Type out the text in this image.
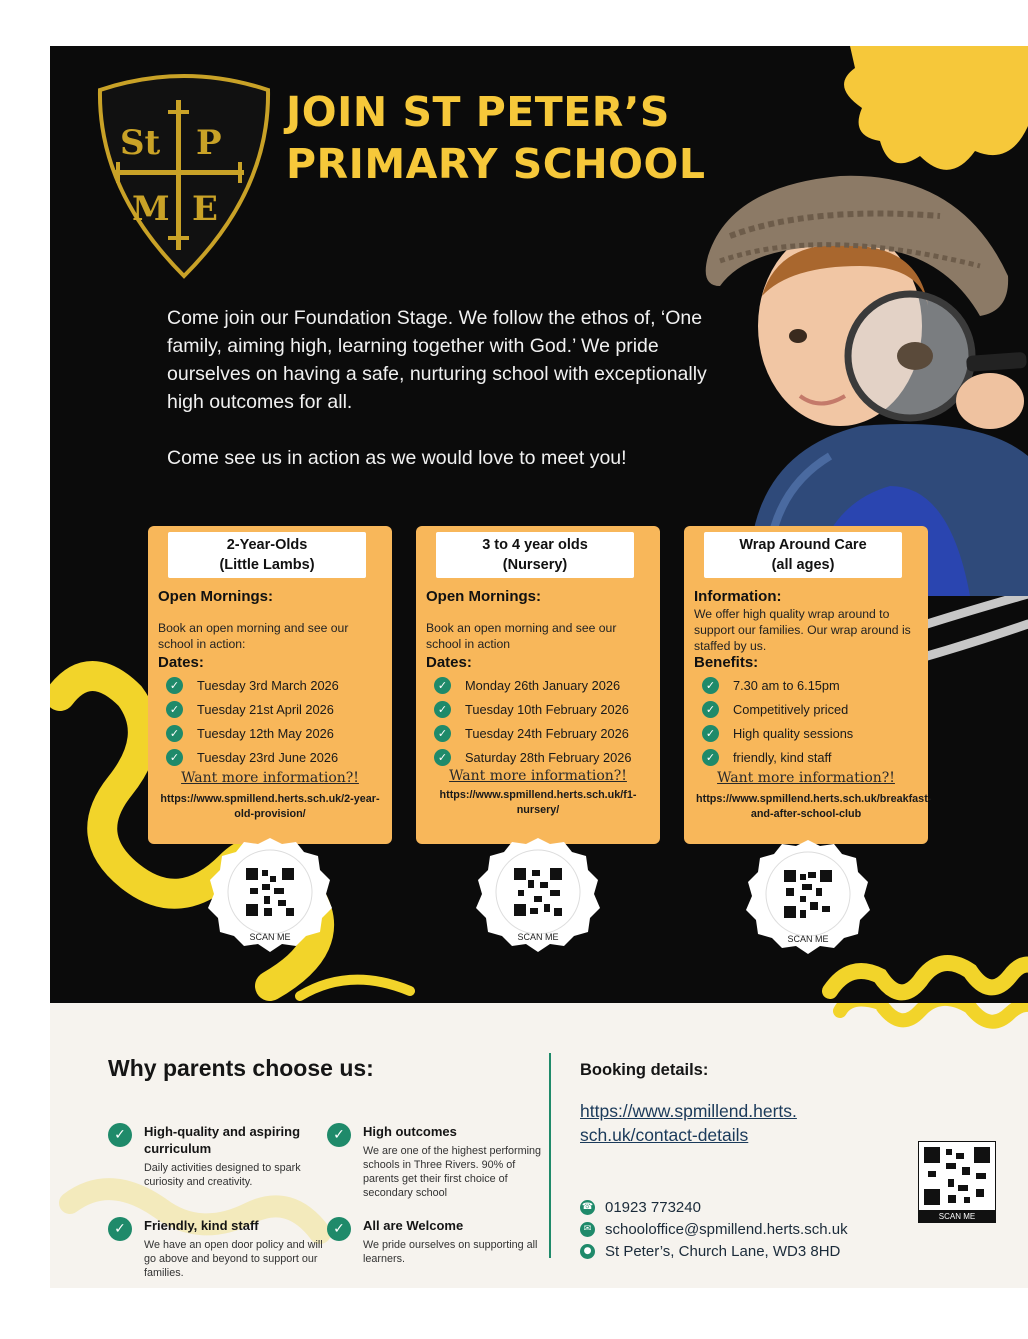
St P
M E
JOIN ST PETER’S
PRIMARY SCHOOL

Come join our Foundation Stage. We follow the ethos of, ‘One family, aiming high, learning together with God.’ We pride ourselves on having a safe, nurturing school with exceptionally high outcomes for all.

Come see us in action as we would love to meet you!

2-Year-Olds
(Little Lambs)
Open Mornings:

Book an open morning and see our school in action:

Dates:
✓	Tuesday 3rd March 2026
✓	Tuesday 21st April 2026
✓	Tuesday 12th May 2026
✓	Tuesday 23rd June 2026

Want more information?!

https://www.spmillend.herts.sch.uk/2-year-old-provision/

3 to 4 year olds
(Nursery)
Open Mornings:

Book an open morning and see our school in action

Dates:
✓	Monday 26th January 2026
✓	Tuesday 10th February 2026
✓	Tuesday 24th February 2026
✓	Saturday 28th February 2026

Want more information?!

https://www.spmillend.herts.sch.uk/f1-nursery/

Wrap Around Care
(all ages)
Information:

We offer high quality wrap around to support our families. Our wrap around is staffed by us.

Benefits:
✓	7.30 am to 6.15pm
✓	Competitively priced
✓	High quality sessions
✓	friendly, kind staff

Want more information?!

https://www.spmillend.herts.sch.uk/breakfast-and-after-school-club

SCAN ME	SCAN ME	SCAN ME
Why parents choose us:
✓	High-quality and aspiring curriculum

Daily activities designed to spark curiosity and creativity.

✓	High outcomes

We are one of the highest performing schools in Three Rivers. 90% of parents get their first choice of secondary school

✓	Friendly, kind staff

We have an open door policy and will go above and beyond to support our families.

✓	All are Welcome

We pride ourselves on supporting all learners.

Booking details:

https://www.spmillend.herts.
sch.uk/contact-details

☎ 01923 773240
✉ schooloffice@spmillend.herts.sch.uk
● St Peter’s, Church Lane, WD3 8HD
SCAN ME
